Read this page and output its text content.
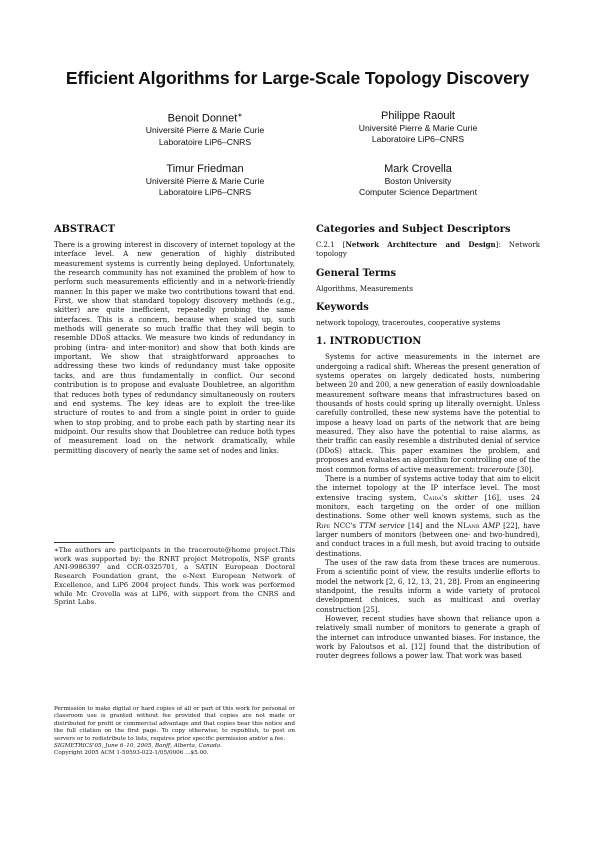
Efficient Algorithms for Large-Scale Topology Discovery
Benoit Donnet∗
Université Pierre & Marie Curie
Laboratoire LiP6–CNRS
Philippe Raoult
Université Pierre & Marie Curie
Laboratoire LiP6–CNRS
Timur Friedman
Université Pierre & Marie Curie
Laboratoire LiP6–CNRS
Mark Crovella
Boston University
Computer Science Department
ABSTRACT

There is a growing interest in discovery of internet topology at the interface level. A new generation of highly distributed measurement systems is currently being deployed. Unfortunately, the research community has not examined the problem of how to perform such measurements efficiently and in a network-friendly manner. In this paper we make two contributions toward that end. First, we show that standard topology discovery methods (e.g., skitter) are quite inefficient, repeatedly probing the same interfaces. This is a concern, because when scaled up, such methods will generate so much traffic that they will begin to resemble DDoS attacks. We measure two kinds of redundancy in probing (intra- and inter-monitor) and show that both kinds are important. We show that straightforward approaches to addressing these two kinds of redundancy must take opposite tacks, and are thus fundamentally in conflict. Our second contribution is to propose and evaluate Doubletree, an algorithm that reduces both types of redundancy simultaneously on routers and end systems. The key ideas are to exploit the tree-like structure of routes to and from a single point in order to guide when to stop probing, and to probe each path by starting near its midpoint. Our results show that Doubletree can reduce both types of measurement load on the network dramatically, while permitting discovery of nearly the same set of nodes and links.

∗The authors are participants in the traceroute@home project.This work was supported by: the RNRT project Metropolis, NSF grants ANI-9986397 and CCR-0325701, a SATIN European Doctoral Research Foundation grant, the e-Next European Network of Excellence, and LiP6 2004 project funds. This work was performed while Mr. Crovella was at LiP6, with support from the CNRS and Sprint Labs.
Permission to make digital or hard copies of all or part of this work for personal or classroom use is granted without fee provided that copies are not made or distributed for profit or commercial advantage and that copies bear this notice and the full citation on the first page. To copy otherwise, to republish, to post on servers or to redistribute to lists, requires prior specific permission and/or a fee.
SIGMETRICS'05, June 6–10, 2005, Banff, Alberta, Canada.
Copyright 2005 ACM 1-59593-022-1/05/0006 ...$5.00.
Categories and Subject Descriptors

C.2.1 [Network Architecture and Design]: Network topology

General Terms

Algorithms, Measurements

Keywords

network topology, traceroutes, cooperative systems

1. INTRODUCTION

Systems for active measurements in the internet are undergoing a radical shift. Whereas the present generation of systems operates on largely dedicated hosts, numbering between 20 and 200, a new generation of easily downloadable measurement software means that infrastructures based on thousands of hosts could spring up literally overnight. Unless carefully controlled, these new systems have the potential to impose a heavy load on parts of the network that are being measured. They also have the potential to raise alarms, as their traffic can easily resemble a distributed denial of service (DDoS) attack. This paper examines the problem, and proposes and evaluates an algorithm for controlling one of the most common forms of active measurement: traceroute [30].

There is a number of systems active today that aim to elicit the internet topology at the IP interface level. The most extensive tracing system, Caida's skitter [16], uses 24 monitors, each targeting on the order of one million destinations. Some other well known systems, such as the Ripe NCC's TTM service [14] and the NLanr AMP [22], have larger numbers of monitors (between one- and two-hundred), and conduct traces in a full mesh, but avoid tracing to outside destinations.

The uses of the raw data from these traces are numerous. From a scientific point of view, the results underlie efforts to model the network [2, 6, 12, 13, 21, 28]. From an engineering standpoint, the results inform a wide variety of protocol development choices, such as multicast and overlay construction [25].

However, recent studies have shown that reliance upon a relatively small number of monitors to generate a graph of the internet can introduce unwanted biases. For instance, the work by Faloutsos et al. [12] found that the distribution of router degrees follows a power law. That work was based
